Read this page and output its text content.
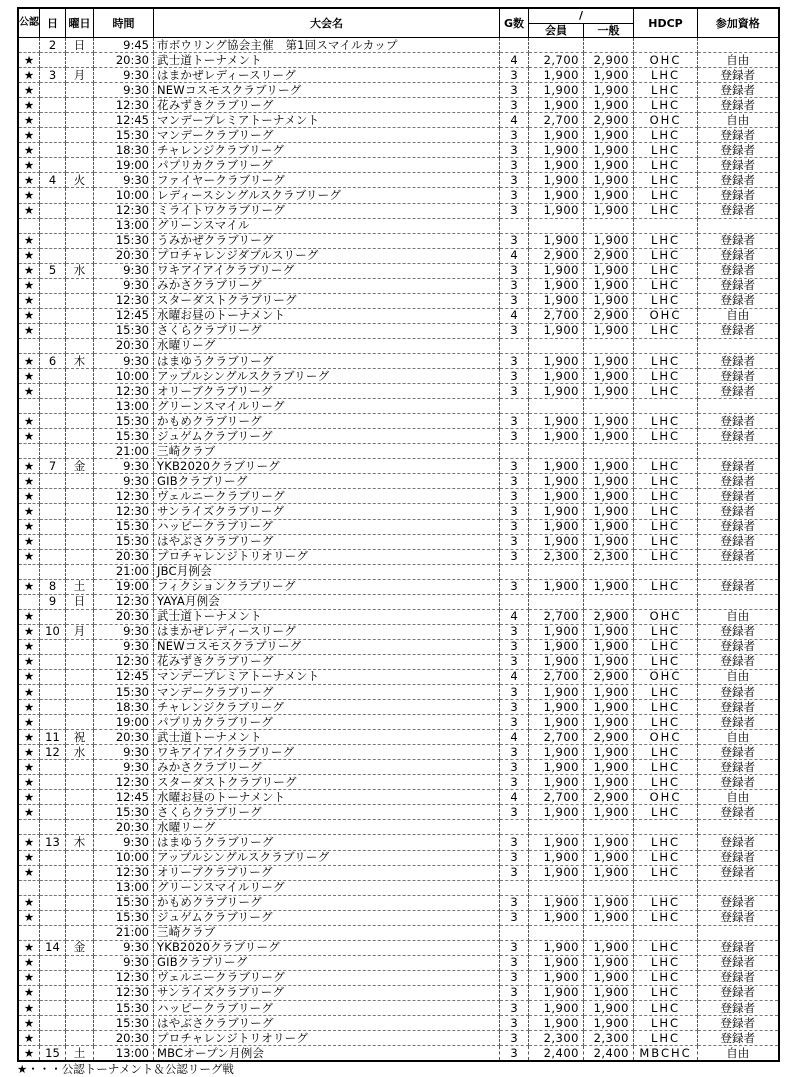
公認	日	曜日	時間	大会名	G数	/		HDCP	参加資格
						会員	一般		
	2	日	9:45	市ボウリング協会主催　第1回スマイルカップ					
★			20:30	武士道トーナメント	4	2,700	2,900	OHC	自由
★	3	月	9:30	はまかぜレディースリーグ	3	1,900	1,900	LHC	登録者
★			9:30	NEWコスモスクラブリーグ	3	1,900	1,900	LHC	登録者
★			12:30	花みずきクラブリーグ	3	1,900	1,900	LHC	登録者
★			12:45	マンデープレミアトーナメント	4	2,700	2,900	OHC	自由
★			15:30	マンデークラブリーグ	3	1,900	1,900	LHC	登録者
★			18:30	チャレンジクラブリーグ	3	1,900	1,900	LHC	登録者
★			19:00	パプリカクラブリーグ	3	1,900	1,900	LHC	登録者
★	4	火	9:30	ファイヤークラブリーグ	3	1,900	1,900	LHC	登録者
★			10:00	レディースシングルスクラブリーグ	3	1,900	1,900	LHC	登録者
★			12:30	ミライトワクラブリーグ	3	1,900	1,900	LHC	登録者
			13:00	グリーンスマイル					
★			15:30	うみかぜクラブリーグ	3	1,900	1,900	LHC	登録者
★			20:30	プロチャレンジダブルスリーグ	4	2,900	2,900	LHC	登録者
★	5	水	9:30	ワキアイアイクラブリーグ	3	1,900	1,900	LHC	登録者
★			9:30	みかさクラブリーグ	3	1,900	1,900	LHC	登録者
★			12:30	スターダストクラブリーグ	3	1,900	1,900	LHC	登録者
★			12:45	水曜お昼のトーナメント	4	2,700	2,900	OHC	自由
★			15:30	さくらクラブリーグ	3	1,900	1,900	LHC	登録者
			20:30	水曜リーグ					
★	6	木	9:30	はまゆうクラブリーグ	3	1,900	1,900	LHC	登録者
★			10:00	アップルシングルスクラブリーグ	3	1,900	1,900	LHC	登録者
★			12:30	オリーブクラブリーグ	3	1,900	1,900	LHC	登録者
			13:00	グリーンスマイルリーグ					
★			15:30	かもめクラブリーグ	3	1,900	1,900	LHC	登録者
★			15:30	ジュゲムクラブリーグ	3	1,900	1,900	LHC	登録者
			21:00	三崎クラブ					
★	7	金	9:30	YKB2020クラブリーグ	3	1,900	1,900	LHC	登録者
★			9:30	GIBクラブリーグ	3	1,900	1,900	LHC	登録者
★			12:30	ヴェルニークラブリーグ	3	1,900	1,900	LHC	登録者
★			12:30	サンライズクラブリーグ	3	1,900	1,900	LHC	登録者
★			15:30	ハッピークラブリーグ	3	1,900	1,900	LHC	登録者
★			15:30	はやぶさクラブリーグ	3	1,900	1,900	LHC	登録者
★			20:30	プロチャレンジトリオリーグ	3	2,300	2,300	LHC	登録者
			21:00	JBC月例会					
★	8	土	19:00	フィクションクラブリーグ	3	1,900	1,900	LHC	登録者
	9	日	12:30	YAYA月例会					
★			20:30	武士道トーナメント	4	2,700	2,900	OHC	自由
★	10	月	9:30	はまかぜレディースリーグ	3	1,900	1,900	LHC	登録者
★			9:30	NEWコスモスクラブリーグ	3	1,900	1,900	LHC	登録者
★			12:30	花みずきクラブリーグ	3	1,900	1,900	LHC	登録者
★			12:45	マンデープレミアトーナメント	4	2,700	2,900	OHC	自由
★			15:30	マンデークラブリーグ	3	1,900	1,900	LHC	登録者
★			18:30	チャレンジクラブリーグ	3	1,900	1,900	LHC	登録者
★			19:00	パプリカクラブリーグ	3	1,900	1,900	LHC	登録者
★	11	祝	20:30	武士道トーナメント	4	2,700	2,900	OHC	自由
★	12	水	9:30	ワキアイアイクラブリーグ	3	1,900	1,900	LHC	登録者
★			9:30	みかさクラブリーグ	3	1,900	1,900	LHC	登録者
★			12:30	スターダストクラブリーグ	3	1,900	1,900	LHC	登録者
★			12:45	水曜お昼のトーナメント	4	2,700	2,900	OHC	自由
★			15:30	さくらクラブリーグ	3	1,900	1,900	LHC	登録者
			20:30	水曜リーグ					
★	13	木	9:30	はまゆうクラブリーグ	3	1,900	1,900	LHC	登録者
★			10:00	アップルシングルスクラブリーグ	3	1,900	1,900	LHC	登録者
★			12:30	オリーブクラブリーグ	3	1,900	1,900	LHC	登録者
			13:00	グリーンスマイルリーグ					
★			15:30	かもめクラブリーグ	3	1,900	1,900	LHC	登録者
★			15:30	ジュゲムクラブリーグ	3	1,900	1,900	LHC	登録者
			21:00	三崎クラブ					
★	14	金	9:30	YKB2020クラブリーグ	3	1,900	1,900	LHC	登録者
★			9:30	GIBクラブリーグ	3	1,900	1,900	LHC	登録者
★			12:30	ヴェルニークラブリーグ	3	1,900	1,900	LHC	登録者
★			12:30	サンライズクラブリーグ	3	1,900	1,900	LHC	登録者
★			15:30	ハッピークラブリーグ	3	1,900	1,900	LHC	登録者
★			15:30	はやぶさクラブリーグ	3	1,900	1,900	LHC	登録者
★			20:30	プロチャレンジトリオリーグ	3	2,300	2,300	LHC	登録者
★	15	土	13:00	MBCオープン月例会	3	2,400	2,400	MBCHC	自由
★・・・公認トーナメント＆公認リーグ戦
